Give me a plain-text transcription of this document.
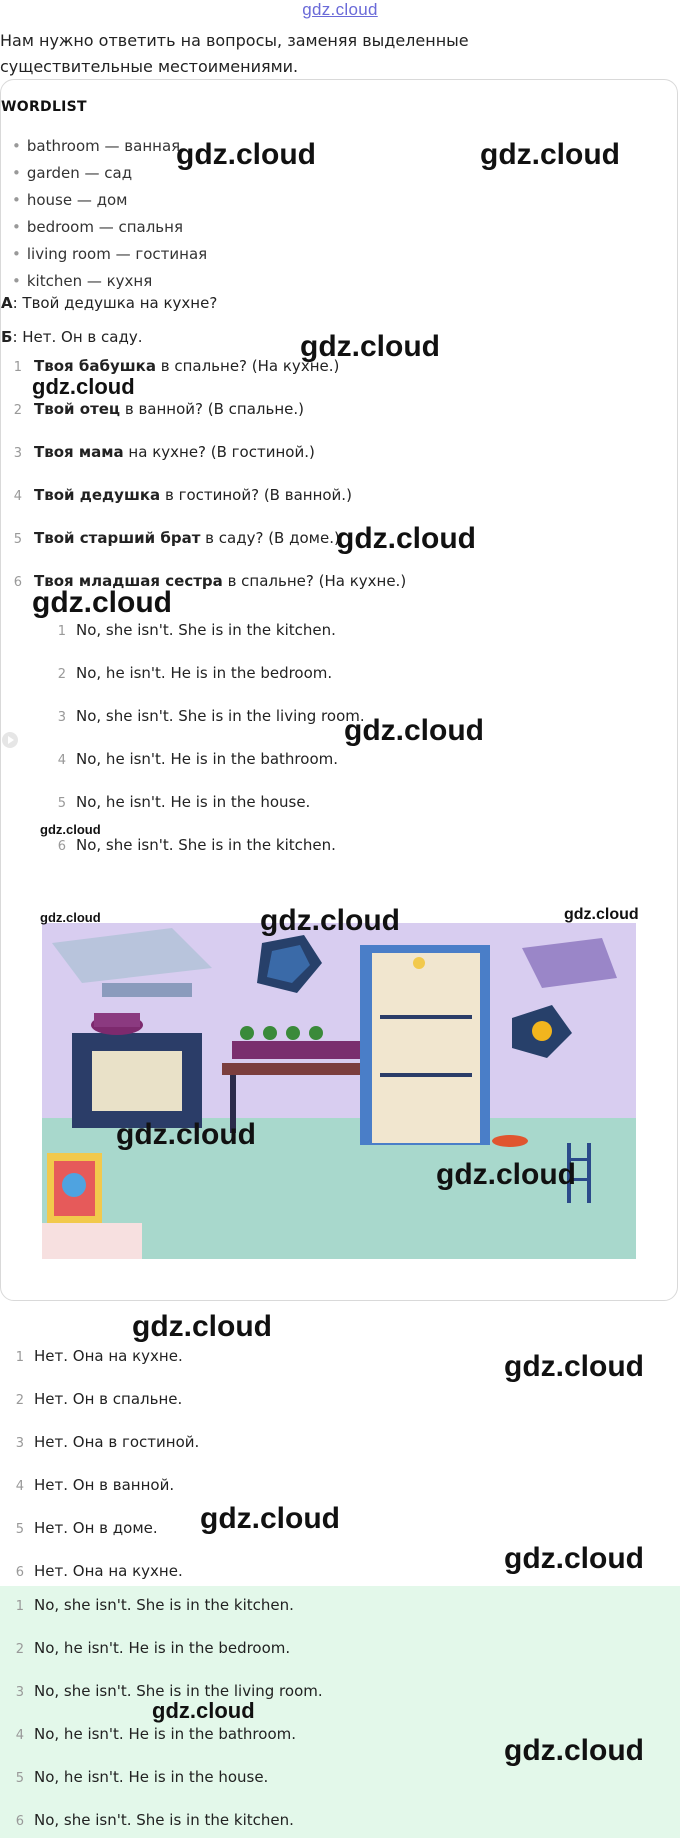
gdz.cloud
Нам нужно ответить на вопросы, заменяя выделенные существительные местоимениями.
WORDLIST
• bathroom — ванная
• garden — сад
• house — дом
• bedroom — спальня
• living room — гостиная
• kitchen — кухня
А: Твой дедушка на кухне?
Б: Нет. Он в саду.
1 Твоя бабушка в спальне? (На кухне.)
2 Твой отец в ванной? (В спальне.)
3 Твоя мама на кухне? (В гостиной.)
4 Твой дедушка в гостиной? (В ванной.)
5 Твой старший брат в саду? (В доме.)
6 Твоя младшая сестра в спальне? (На кухне.)
1 No, she isn't. She is in the kitchen.
2 No, he isn't. He is in the bedroom.
3 No, she isn't. She is in the living room.
4 No, he isn't. He is in the bathroom.
5 No, he isn't. He is in the house.
6 No, she isn't. She is in the kitchen.
1 Нет. Она на кухне.
2 Нет. Он в спальне.
3 Нет. Она в гостиной.
4 Нет. Он в ванной.
5 Нет. Он в доме.
6 Нет. Она на кухне.
1 No, she isn't. She is in the kitchen.
2 No, he isn't. He is in the bedroom.
3 No, she isn't. She is in the living room.
4 No, he isn't. He is in the bathroom.
5 No, he isn't. He is in the house.
6 No, she isn't. She is in the kitchen.
gdz.cloud	gdz.cloud
gdz.cloud
gdz.cloud
gdz.cloud
gdz.cloud
gdz.cloud
gdz.cloud
gdz.cloud	gdz.cloud	gdz.cloud
gdz.cloud
gdz.cloud
gdz.cloud
gdz.cloud
gdz.cloud
gdz.cloud
gdz.cloud
gdz.cloud
